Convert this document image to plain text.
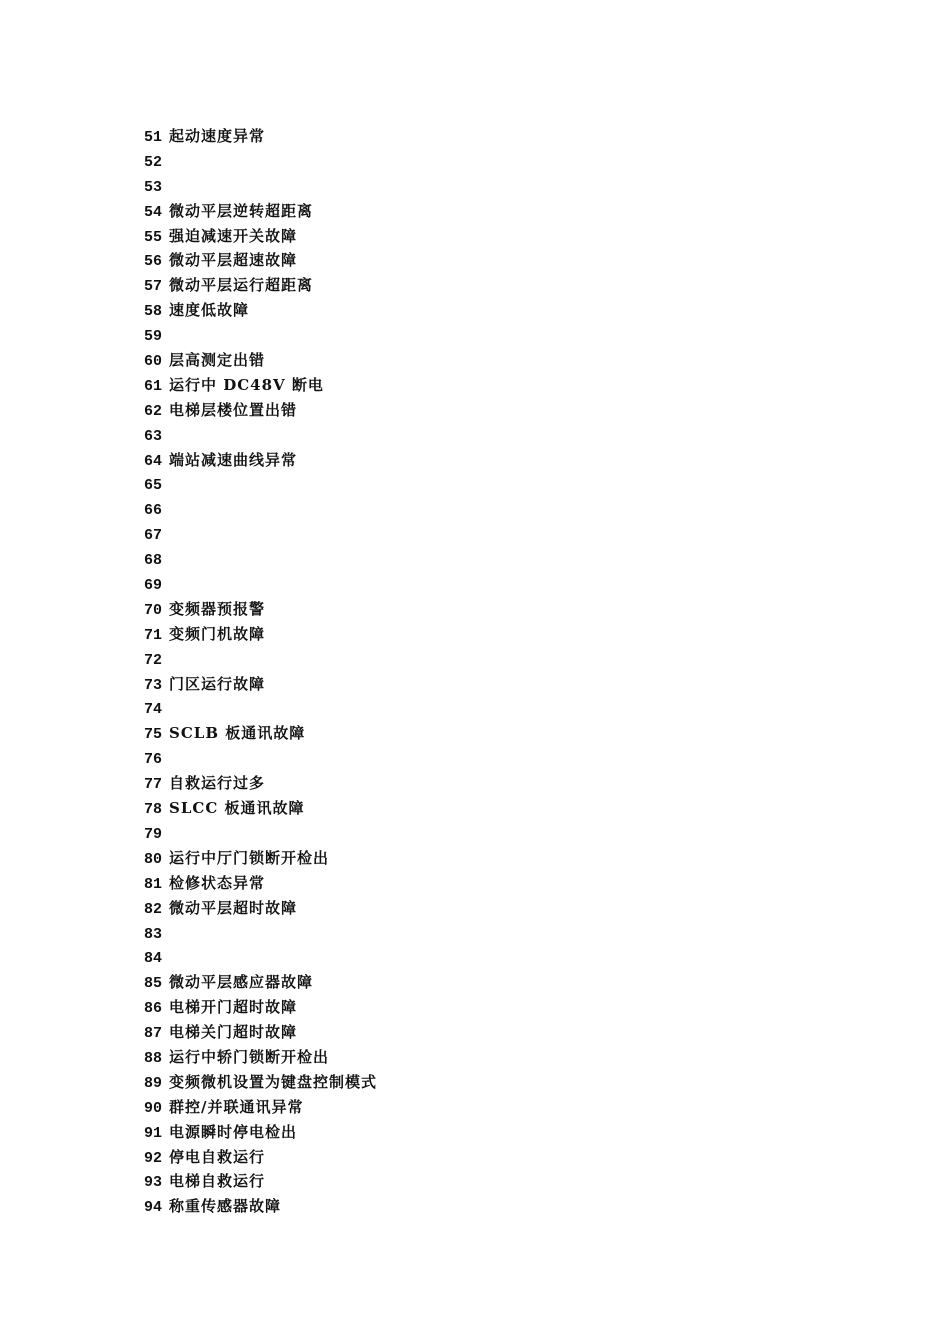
51 起动速度异常
52
53
54 微动平层逆转超距离
55 强迫减速开关故障
56 微动平层超速故障
57 微动平层运行超距离
58 速度低故障
59
60 层高测定出错
61 运行中 DC48V 断电
62 电梯层楼位置出错
63
64 端站减速曲线异常
65
66
67
68
69
70 变频器预报警
71 变频门机故障
72
73 门区运行故障
74
75 SCLB 板通讯故障
76
77 自救运行过多
78 SLCC 板通讯故障
79
80 运行中厅门锁断开检出
81 检修状态异常
82 微动平层超时故障
83
84
85 微动平层感应器故障
86 电梯开门超时故障
87 电梯关门超时故障
88 运行中轿门锁断开检出
89 变频微机设置为键盘控制模式
90 群控/并联通讯异常
91 电源瞬时停电检出
92 停电自救运行
93 电梯自救运行
94 称重传感器故障
